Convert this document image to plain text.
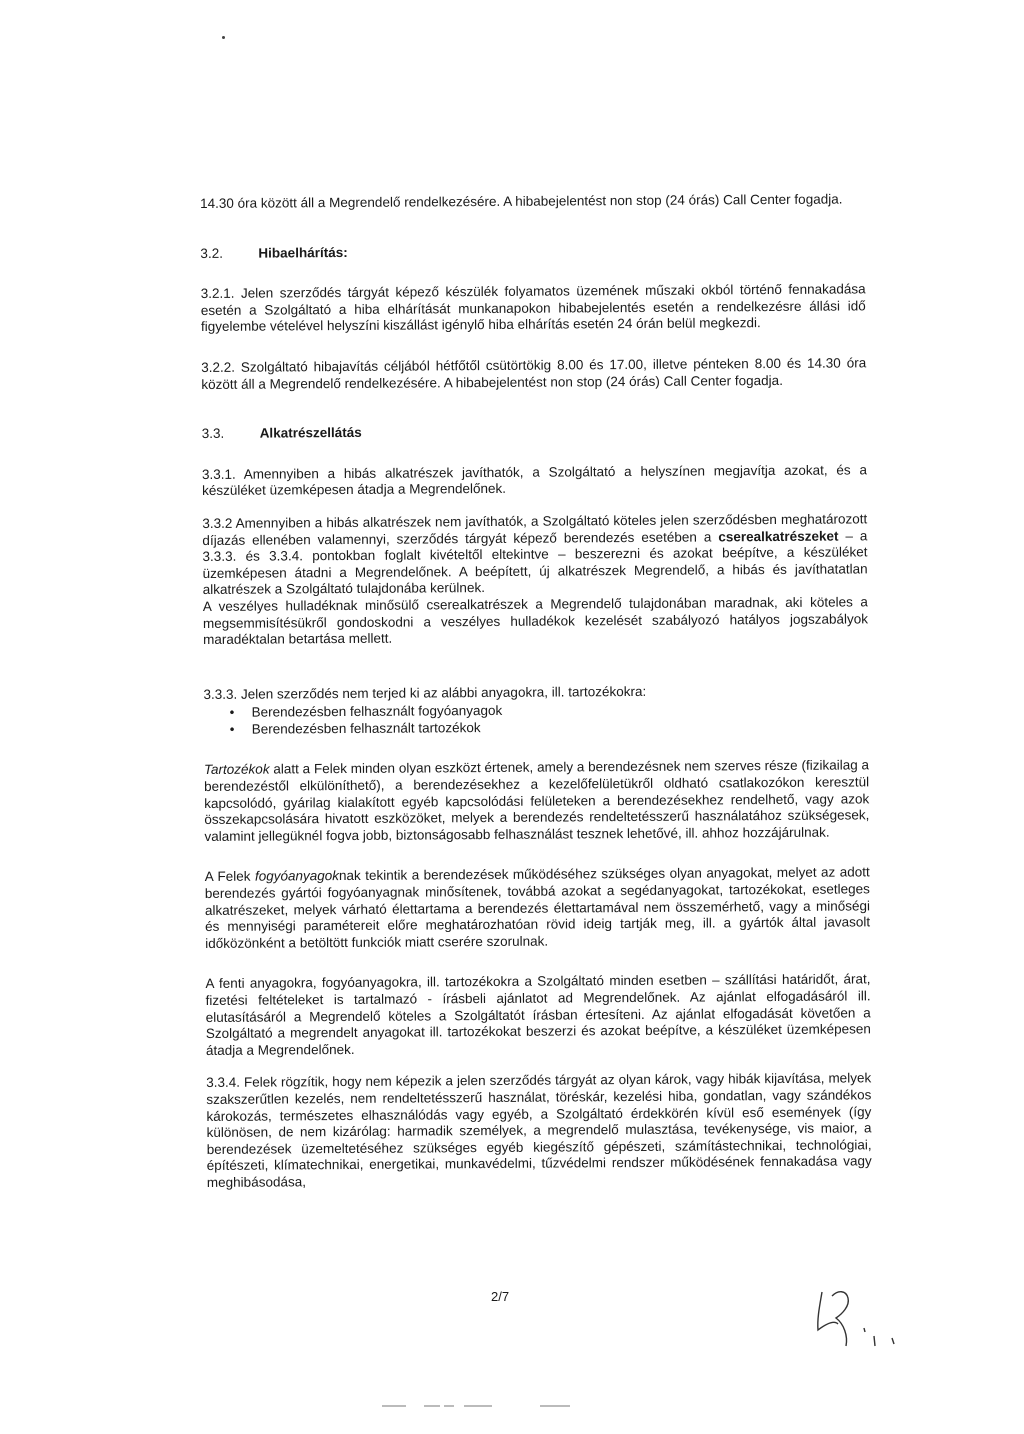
14.30 óra között áll a Megrendelő rendelkezésére. A hibabejelentést non stop (24 órás) Call Center fogadja.

3.2.	Hibaelhárítás:

3.2.1. Jelen szerződés tárgyát képező készülék folyamatos üzemének műszaki okból történő fennakadása esetén a Szolgáltató a hiba elhárítását munkanapokon hibabejelentés esetén a rendelkezésre állási idő figyelembe vételével helyszíni kiszállást igénylő hiba elhárítás esetén 24 órán belül megkezdi.

3.2.2. Szolgáltató hibajavítás céljából hétfőtől csütörtökig 8.00 és 17.00, illetve pénteken 8.00 és 14.30 óra között áll a Megrendelő rendelkezésére. A hibabejelentést non stop (24 órás) Call Center fogadja.

3.3.	Alkatrészellátás

3.3.1. Amennyiben a hibás alkatrészek javíthatók, a Szolgáltató a helyszínen megjavítja azokat, és a készüléket üzemképesen átadja a Megrendelőnek.

3.3.2 Amennyiben a hibás alkatrészek nem javíthatók, a Szolgáltató köteles jelen szerződésben meghatározott díjazás ellenében valamennyi, szerződés tárgyát képező berendezés esetében a cserealkatrészeket – a 3.3.3. és 3.3.4. pontokban foglalt kivételtől eltekintve – beszerezni és azokat beépítve, a készüléket üzemképesen átadni a Megrendelőnek. A beépített, új alkatrészek Megrendelő, a hibás és javíthatatlan alkatrészek a Szolgáltató tulajdonába kerülnek.

A veszélyes hulladéknak minősülő cserealkatrészek a Megrendelő tulajdonában maradnak, aki köteles a megsemmisítésükről gondoskodni a veszélyes hulladékok kezelését szabályozó hatályos jogszabályok maradéktalan betartása mellett.

3.3.3. Jelen szerződés nem terjed ki az alábbi anyagokra, ill. tartozékokra:

• Berendezésben felhasznált fogyóanyagok
• Berendezésben felhasznált tartozékok

Tartozékok alatt a Felek minden olyan eszközt értenek, amely a berendezésnek nem szerves része (fizikailag a berendezéstől elkülöníthető), a berendezésekhez a kezelőfelületükről oldható csatlakozókon keresztül kapcsolódó, gyárilag kialakított egyéb kapcsolódási felületeken a berendezésekhez rendelhető, vagy azok összekapcsolására hivatott eszközöket, melyek a berendezés rendeltetésszerű használatához szükségesek, valamint jellegüknél fogva jobb, biztonságosabb felhasználást tesznek lehetővé, ill. ahhoz hozzájárulnak.

A Felek fogyóanyagoknak tekintik a berendezések működéséhez szükséges olyan anyagokat, melyet az adott berendezés gyártói fogyóanyagnak minősítenek, továbbá azokat a segédanyagokat, tartozékokat, esetleges alkatrészeket, melyek várható élettartama a berendezés élettartamával nem összemérhető, vagy a minőségi és mennyiségi paramétereit előre meghatározhatóan rövid ideig tartják meg, ill. a gyártók által javasolt időközönként a betöltött funkciók miatt cserére szorulnak.

A fenti anyagokra, fogyóanyagokra, ill. tartozékokra a Szolgáltató minden esetben – szállítási határidőt, árat, fizetési feltételeket is tartalmazó - írásbeli ajánlatot ad Megrendelőnek. Az ajánlat elfogadásáról ill. elutasításáról a Megrendelő köteles a Szolgáltatót írásban értesíteni. Az ajánlat elfogadását követően a Szolgáltató a megrendelt anyagokat ill. tartozékokat beszerzi és azokat beépítve, a készüléket üzemképesen átadja a Megrendelőnek.

3.3.4. Felek rögzítik, hogy nem képezik a jelen szerződés tárgyát az olyan károk, vagy hibák kijavítása, melyek szakszerűtlen kezelés, nem rendeltetésszerű használat, töréskár, kezelési hiba, gondatlan, vagy szándékos károkozás, természetes elhasználódás vagy egyéb, a Szolgáltató érdekkörén kívül eső események (így különösen, de nem kizárólag: harmadik személyek, a megrendelő mulasztása, tevékenysége, vis maior, a berendezések üzemeltetéséhez szükséges egyéb kiegészítő gépészeti, számítástechnikai, technológiai, építészeti, klímatechnikai, energetikai, munkavédelmi, tűzvédelmi rendszer működésének fennakadása vagy meghibásodása,

2/7
